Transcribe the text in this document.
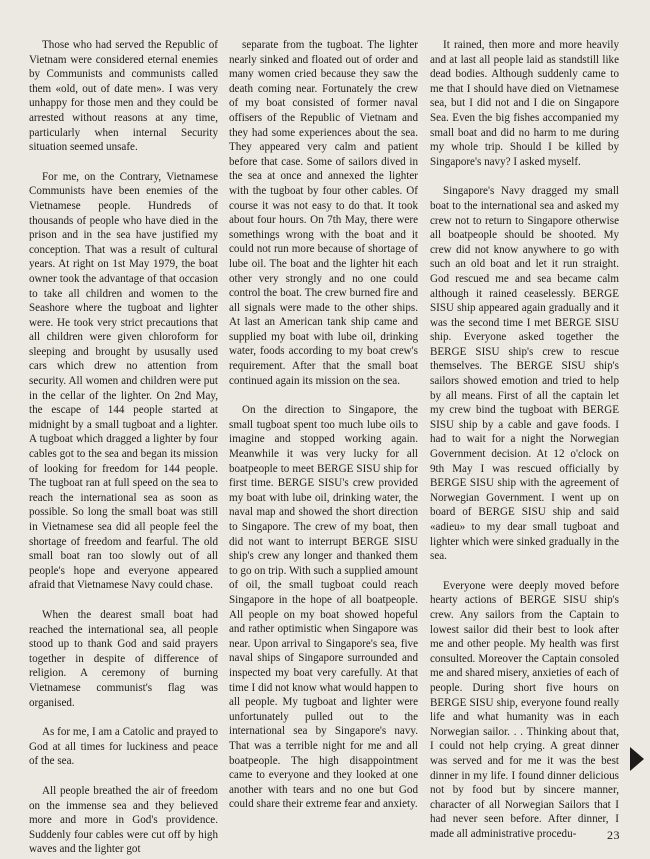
Those who had served the Republic of Vietnam were considered eternal enemies by Communists and communists called them «old, out of date men». I was very unhappy for those men and they could be arrested without reasons at any time, particularly when internal Security situation seemed unsafe.

For me, on the Contrary, Vietnamese Communists have been enemies of the Vietnamese people. Hundreds of thousands of people who have died in the prison and in the sea have justified my conception. That was a result of cultural years. At right on 1st May 1979, the boat owner took the advantage of that occasion to take all children and women to the Seashore where the tugboat and lighter were. He took very strict precautions that all children were given chloroform for sleeping and brought by ususally used cars which drew no attention from security. All women and children were put in the cellar of the lighter. On 2nd May, the escape of 144 people started at midnight by a small tugboat and a lighter. A tugboat which dragged a lighter by four cables got to the sea and began its mission of looking for freedom for 144 people. The tugboat ran at full speed on the sea to reach the international sea as soon as possible. So long the small boat was still in Vietnamese sea did all people feel the shortage of freedom and fearful. The old small boat ran too slowly out of all people's hope and everyone appeared afraid that Vietnamese Navy could chase.

When the dearest small boat had reached the international sea, all people stood up to thank God and said prayers together in despite of difference of religion. A ceremony of burning Vietnamese communist's flag was organised.

As for me, I am a Catolic and prayed to God at all times for luckiness and peace of the sea.

All people breathed the air of freedom on the immense sea and they believed more and more in God's providence. Suddenly four cables were cut off by high waves and the lighter got

separate from the tugboat. The lighter nearly sinked and floated out of order and many women cried because they saw the death coming near. Fortunately the crew of my boat consisted of former naval offisers of the Republic of Vietnam and they had some experiences about the sea. They appeared very calm and patient before that case. Some of sailors dived in the sea at once and annexed the lighter with the tugboat by four other cables. Of course it was not easy to do that. It took about four hours. On 7th May, there were somethings wrong with the boat and it could not run more because of shortage of lube oil. The boat and the lighter hit each other very strongly and no one could control the boat. The crew burned fire and all signals were made to the other ships. At last an American tank ship came and supplied my boat with lube oil, drinking water, foods according to my boat crew's requirement. After that the small boat continued again its mission on the sea.

On the direction to Singapore, the small tugboat spent too much lube oils to imagine and stopped working again. Meanwhile it was very lucky for all boatpeople to meet BERGE SISU ship for first time. BERGE SISU's crew provided my boat with lube oil, drinking water, the naval map and showed the short direction to Singapore. The crew of my boat, then did not want to interrupt BERGE SISU ship's crew any longer and thanked them to go on trip. With such a supplied amount of oil, the small tugboat could reach Singapore in the hope of all boatpeople. All people on my boat showed hopeful and rather optimistic when Singapore was near. Upon arrival to Singapore's sea, five naval ships of Singapore surrounded and inspected my boat very carefully. At that time I did not know what would happen to all people. My tugboat and lighter were unfortunately pulled out to the international sea by Singapore's navy. That was a terrible night for me and all boatpeople. The high disappointment came to everyone and they looked at one another with tears and no one but God could share their extreme fear and anxiety.

It rained, then more and more heavily and at last all people laid as standstill like dead bodies. Although suddenly came to me that I should have died on Vietnamese sea, but I did not and I die on Singapore Sea. Even the big fishes accompanied my small boat and did no harm to me during my whole trip. Should I be killed by Singapore's navy? I asked myself.

Singapore's Navy dragged my small boat to the international sea and asked my crew not to return to Singapore otherwise all boatpeople should be shooted. My crew did not know anywhere to go with such an old boat and let it run straight. God rescued me and sea became calm although it rained ceaselessly. BERGE SISU ship appeared again gradually and it was the second time I met BERGE SISU ship. Everyone asked together the BERGE SISU ship's crew to rescue themselves. The BERGE SISU ship's sailors showed emotion and tried to help by all means. First of all the captain let my crew bind the tugboat with BERGE SISU ship by a cable and gave foods. I had to wait for a night the Norwegian Government decision. At 12 o'clock on 9th May I was rescued officially by BERGE SISU ship with the agreement of Norwegian Government. I went up on board of BERGE SISU ship and said «adieu» to my dear small tugboat and lighter which were sinked gradually in the sea.

Everyone were deeply moved before hearty actions of BERGE SISU ship's crew. Any sailors from the Captain to lowest sailor did their best to look after me and other people. My health was first consulted. Moreover the Captain consoled me and shared misery, anxieties of each of people. During short five hours on BERGE SISU ship, everyone found really life and what humanity was in each Norwegian sailor. . . Thinking about that, I could not help crying. A great dinner was served and for me it was the best dinner in my life. I found dinner delicious not by food but by sincere manner, character of all Norwegian Sailors that I had never seen before. After dinner, I made all administrative procedu-	23
